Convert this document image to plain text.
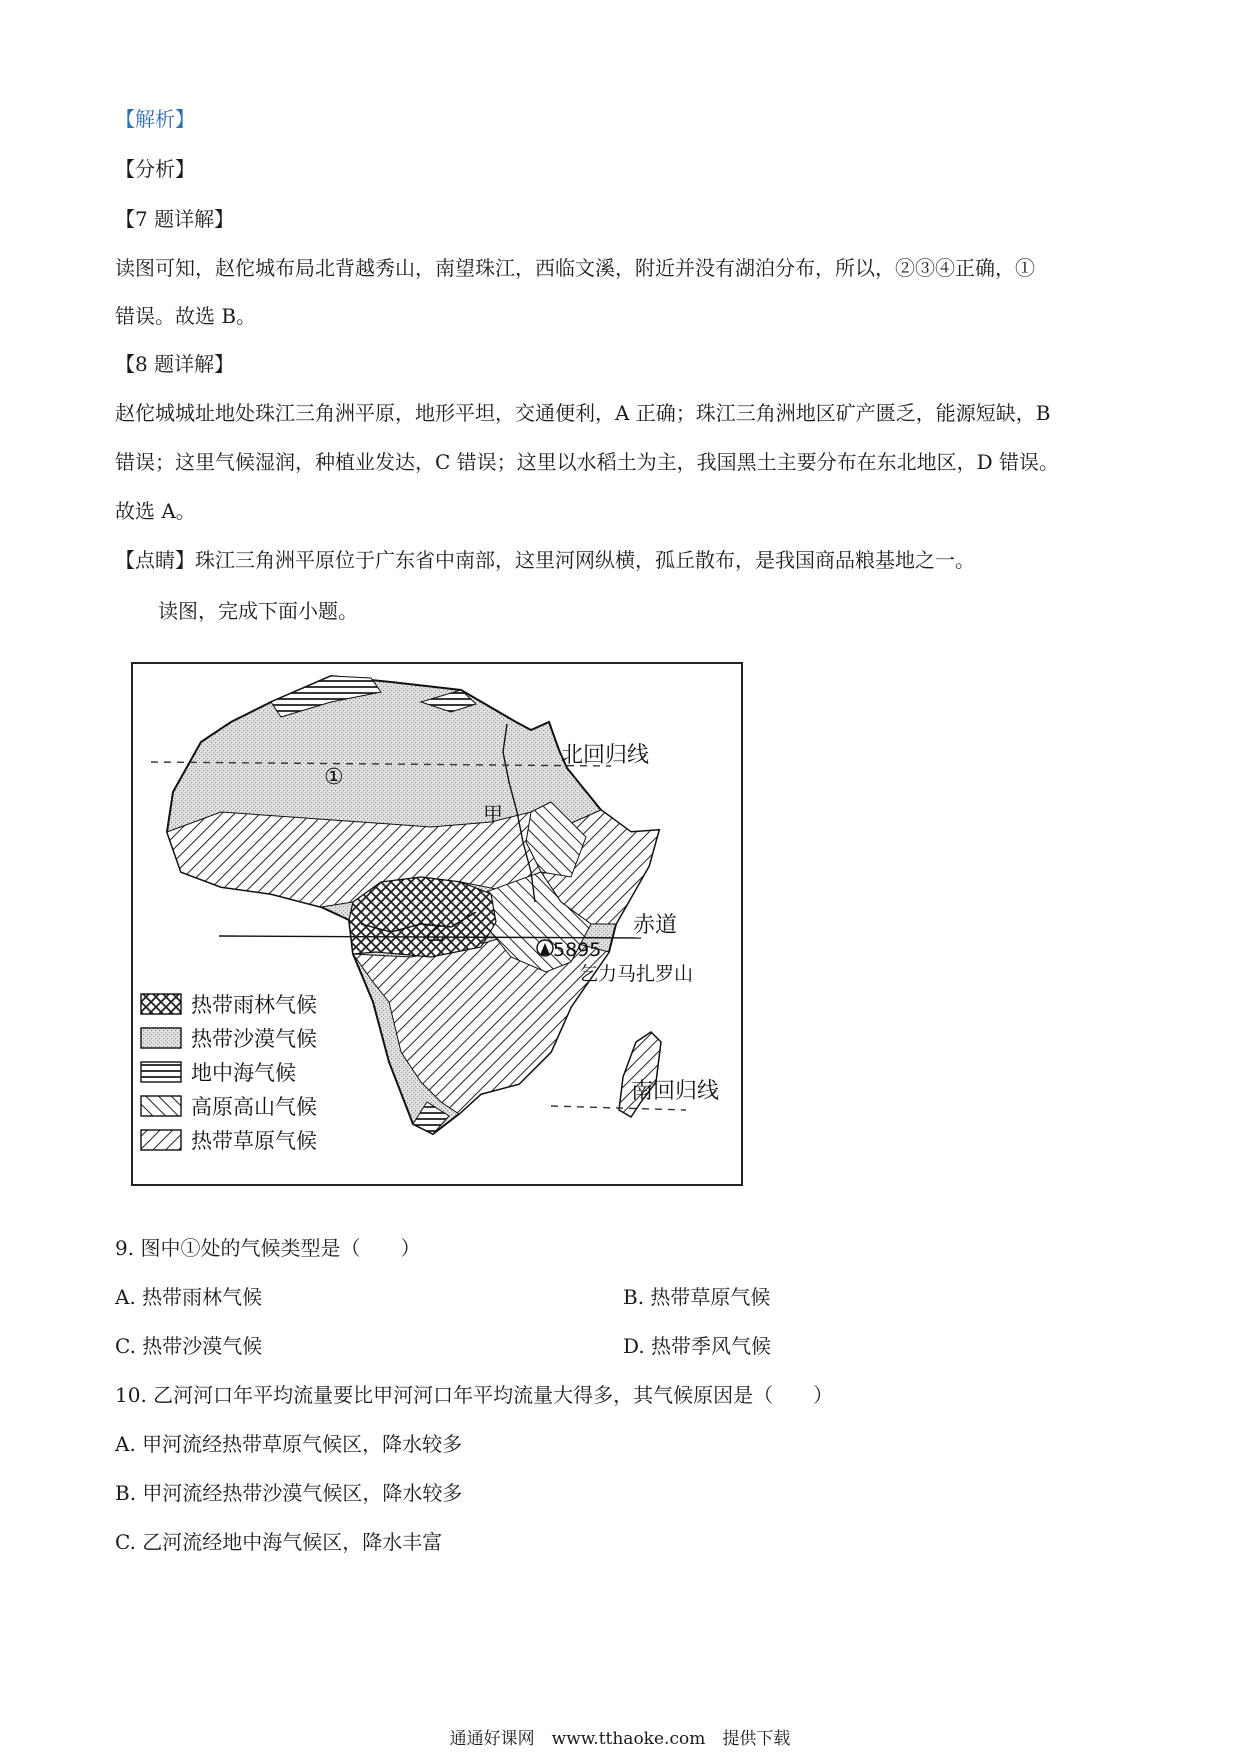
【解析】
【分析】
【7 题详解】
读图可知，赵佗城布局北背越秀山，南望珠江，西临文溪，附近并没有湖泊分布，所以，②③④正确，①
错误。故选 B。
【8 题详解】
赵佗城城址地处珠江三角洲平原，地形平坦，交通便利，A 正确；珠江三角洲地区矿产匮乏，能源短缺，B
错误；这里气候湿润，种植业发达，C 错误；这里以水稻土为主，我国黑土主要分布在东北地区，D 错误。
故选 A。
【点睛】珠江三角洲平原位于广东省中南部，这里河网纵横，孤丘散布，是我国商品粮基地之一。
读图，完成下面小题。
北回归线
赤道
南回归线
①
甲
乙
5895
乞力马扎罗山
热带雨林气候
热带沙漠气候
地中海气候
高原高山气候
热带草原气候
9. 图中①处的气候类型是（　　）
A. 热带雨林气候	B. 热带草原气候
C. 热带沙漠气候	D. 热带季风气候
10. 乙河河口年平均流量要比甲河河口年平均流量大得多，其气候原因是（　　）
A. 甲河流经热带草原气候区，降水较多
B. 甲河流经热带沙漠气候区，降水较多
C. 乙河流经地中海气候区，降水丰富
通通好课网　www.tthaoke.com　提供下载
